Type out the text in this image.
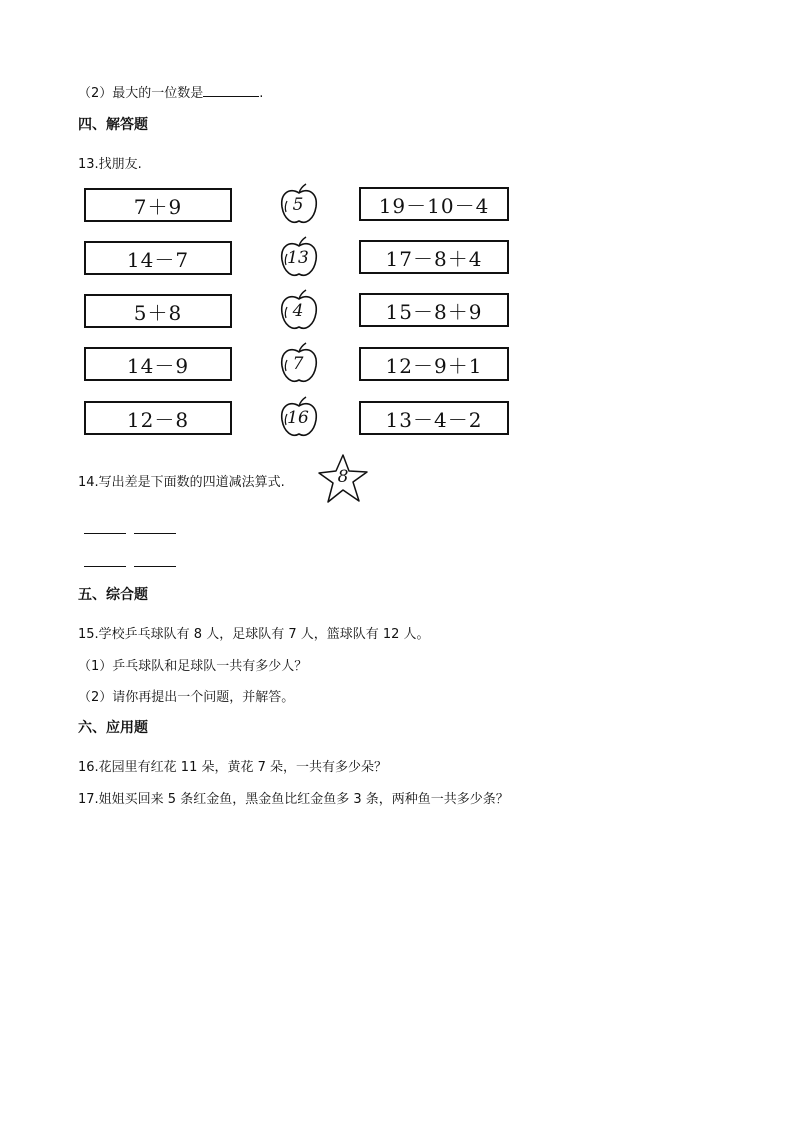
（2）最大的一位数是	.
四、解答题
13.找朋友.
7＋9
14－7
5＋8
14－9
12－8
5
13
4
7
16
19－10－4
17－8＋4
15－8＋9
12－9＋1
13－4－2
14.写出差是下面数的四道减法算式.	8
五、综合题
15.学校乒乓球队有 8 人，足球队有 7 人，篮球队有 12 人。
（1）乒乓球队和足球队一共有多少人？
（2）请你再提出一个问题，并解答。
六、应用题
16.花园里有红花 11 朵，黄花 7 朵，一共有多少朵？
17.姐姐买回来 5 条红金鱼，黑金鱼比红金鱼多 3 条，两种鱼一共多少条？
